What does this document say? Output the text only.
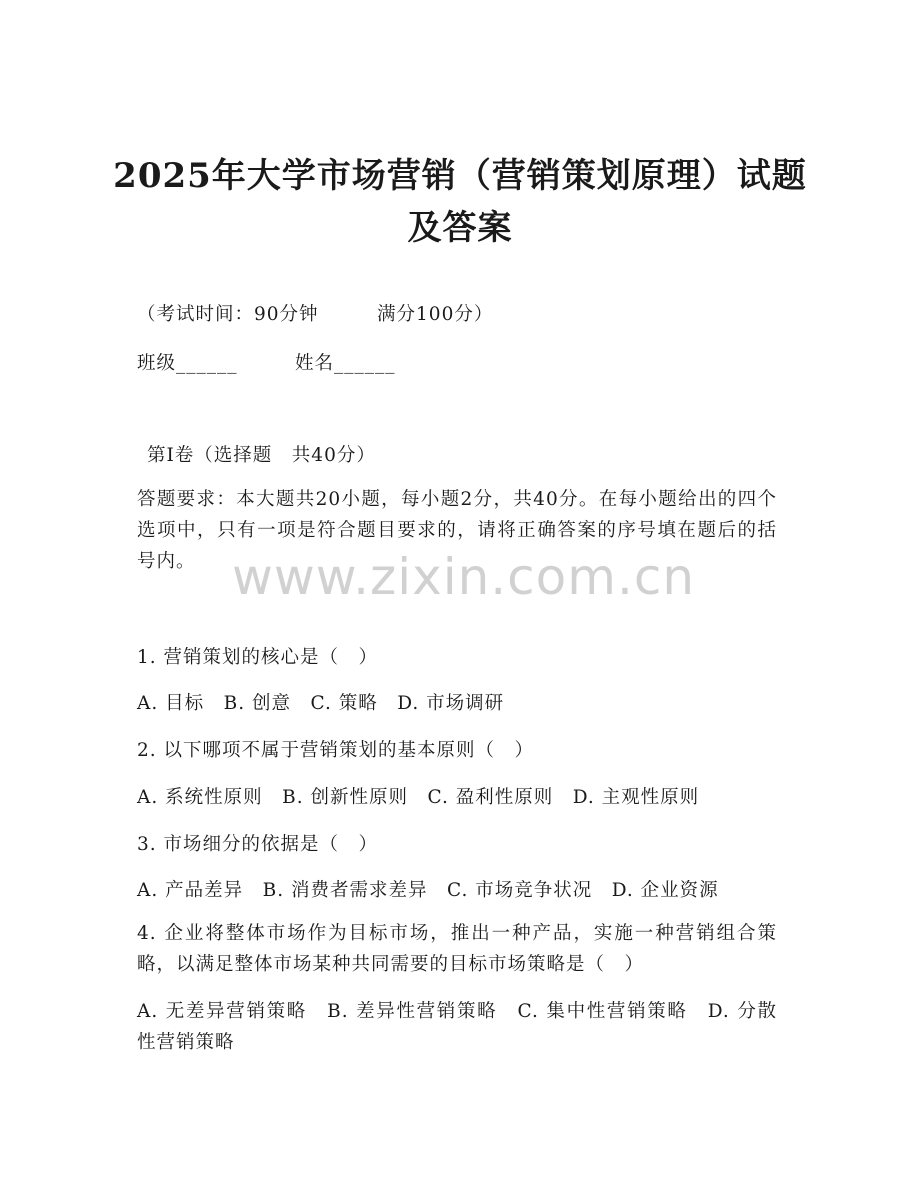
2025年大学市场营销（营销策划原理）试题及答案
（考试时间：90分钟　　　满分100分）
班级______	姓名______
第Ⅰ卷（选择题　共40分）
答题要求：本大题共20小题，每小题2分，共40分。在每小题给出的四个选项中，只有一项是符合题目要求的，请将正确答案的序号填在题后的括号内。 www.zixin.com.cn
1. 营销策划的核心是（　）
A. 目标　B. 创意　C. 策略　D. 市场调研
2. 以下哪项不属于营销策划的基本原则（　）
A. 系统性原则　B. 创新性原则　C. 盈利性原则　D. 主观性原则
3. 市场细分的依据是（　）
A. 产品差异　B. 消费者需求差异　C. 市场竞争状况　D. 企业资源
4. 企业将整体市场作为目标市场，推出一种产品，实施一种营销组合策略，以满足整体市场某种共同需要的目标市场策略是（　）
A. 无差异营销策略　B. 差异性营销策略　C. 集中性营销策略　D. 分散性营销策略
